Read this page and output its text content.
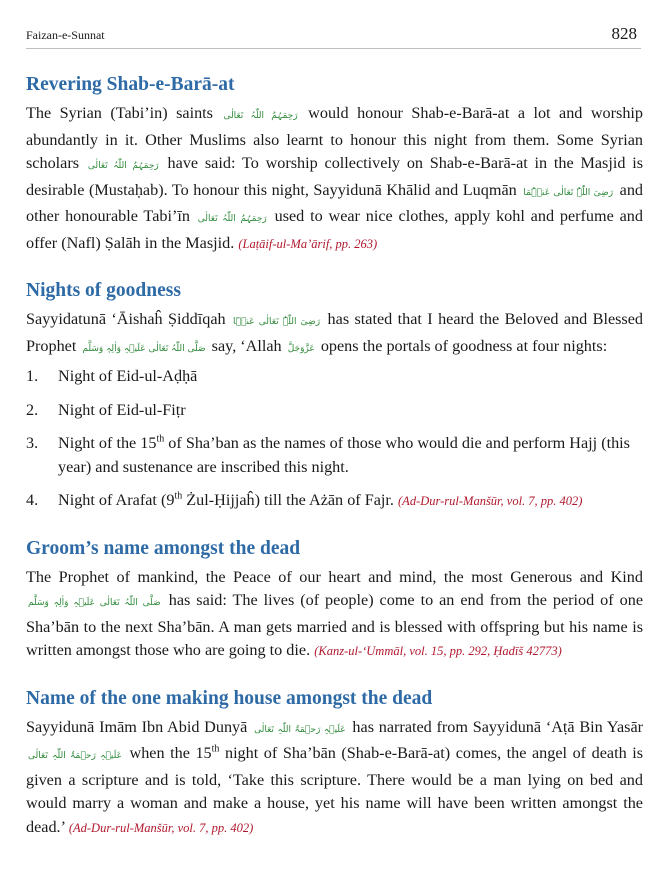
Faizan-e-Sunnat	828
Revering Shab-e-Barā-at

The Syrian (Tabi’in) saints رَحِمَہُمُ اللّٰہُ تَعَالٰی would honour Shab-e-Barā-at a lot and worship abundantly in it. Other Muslims also learnt to honour this night from them. Some Syrian scholars رَحِمَہُمُ اللّٰہُ تَعَالٰی have said: To worship collectively on Shab-e-Barā-at in the Masjid is desirable (Mustaḥab). To honour this night, Sayyidunā Khālid and Luqmān رَضِیَ اللّٰہُ تَعَالٰی عَنۡہُمَا and other honourable Tabi’īn رَحِمَہُمُ اللّٰہُ تَعَالٰی used to wear nice clothes, apply kohl and perfume and offer (Nafl) Ṣalāh in the Masjid. (Laṭāif-ul-Ma’ārif, pp. 263)

Nights of goodness

Sayyidatunā ‘Āishaĥ Ṣiddīqah رَضِیَ اللّٰہُ تَعَالٰی عَنۡہَا has stated that I heard the Beloved and Blessed Prophet صَلَّی اللّٰہُ تَعَالٰی عَلَیۡہِ وَاٰلِہٖ وَسَلَّم say, ‘Allah عَزَّوَجَلَّ opens the portals of goodness at four nights:

1. Night of Eid-ul-Aḍḥā
2. Night of Eid-ul-Fiṭr
3. Night of the 15th of Sha’ban as the names of those who would die and perform Hajj (this year) and sustenance are inscribed this night.
4. Night of Arafat (9th Żul-Ḥijjaĥ) till the Ażān of Fajr. (Ad-Dur-rul-Manšūr, vol. 7, pp. 402)
Groom’s name amongst the dead

The Prophet of mankind, the Peace of our heart and mind, the most Generous and Kind صَلَّی اللّٰہُ تَعَالٰی عَلَیۡہِ وَاٰلِہٖ وَسَلَّم has said: The lives (of people) come to an end from the period of one Sha’bān to the next Sha’bān. A man gets married and is blessed with offspring but his name is written amongst those who are going to die. (Kanz-ul-‘Ummāl, vol. 15, pp. 292, Ḥadīš 42773)

Name of the one making house amongst the dead

Sayyidunā Imām Ibn Abid Dunyā عَلَیۡہِ رَحۡمَۃُ اللّٰہِ تَعَالٰی has narrated from Sayyidunā ‘Aṭā Bin Yasār عَلَیۡہِ رَحۡمَۃُ اللّٰہِ تَعَالٰی when the 15th night of Sha’bān (Shab-e-Barā-at) comes, the angel of death is given a scripture and is told, ‘Take this scripture. There would be a man lying on bed and would marry a woman and make a house, yet his name will have been written amongst the dead.’ (Ad-Dur-rul-Manšūr, vol. 7, pp. 402)
